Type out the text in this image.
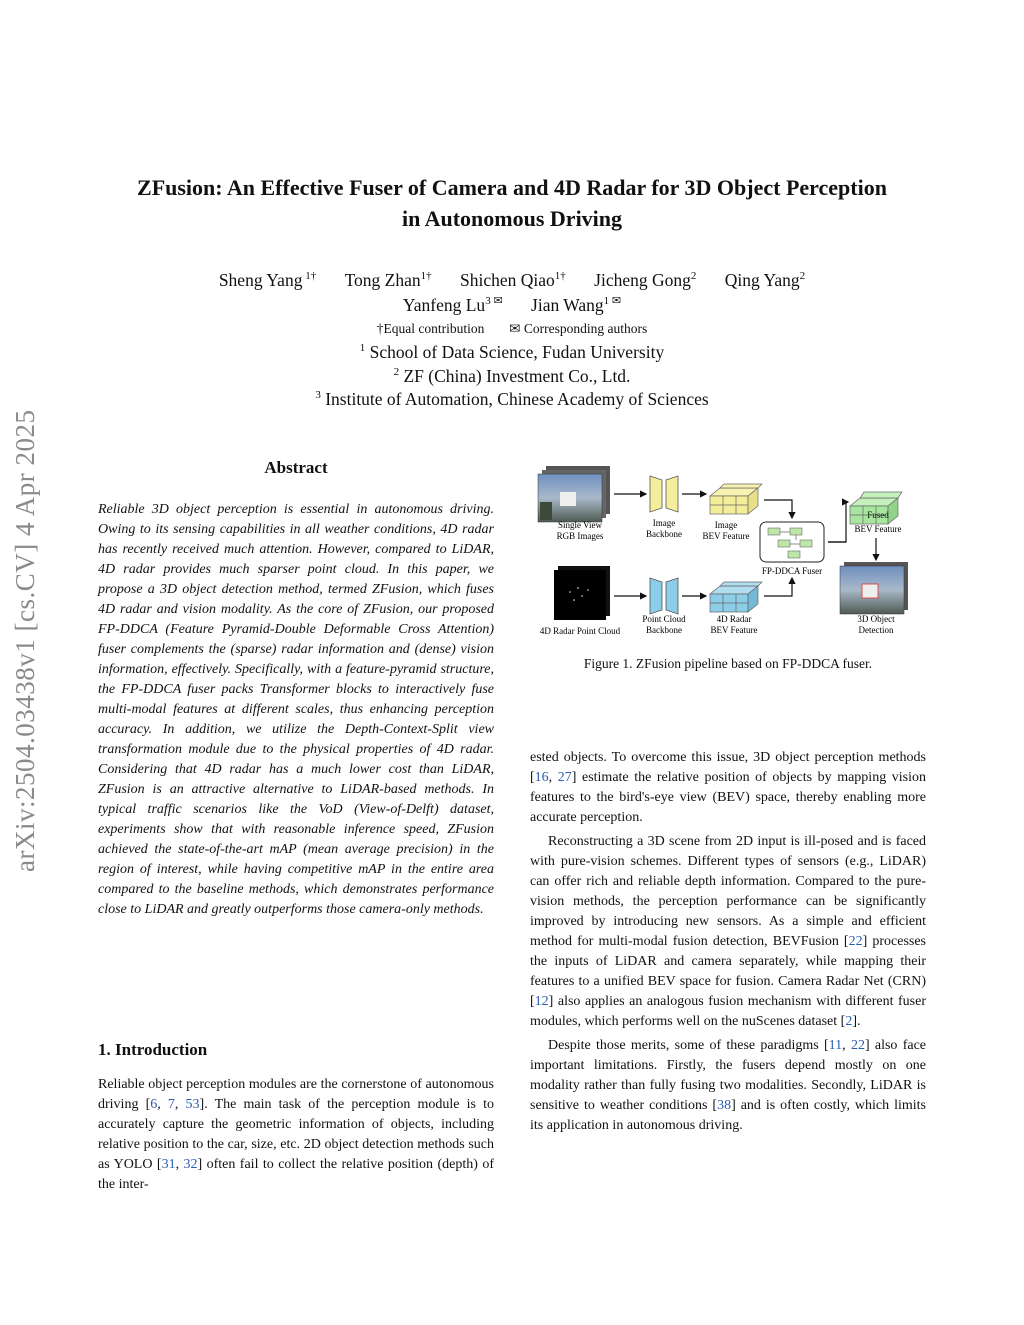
arXiv:2504.03438v1 [cs.CV] 4 Apr 2025
ZFusion: An Effective Fuser of Camera and 4D Radar for 3D Object Perception
in Autonomous Driving
Sheng Yang $^{1\dagger}$ Tong Zhan$^{1\dagger}$ Shichen Qiao$^{1\dagger}$ Jicheng Gong$^2$ Qing Yang$^2$
Yanfeng $Lu^{3 ✉}$ Jian Wang$^{1 ✉}$
†Equal contribution ✉ Corresponding authors
$^1$ School of Data Science, Fudan University
$^2$ ZF (China) Investment Co., Ltd.
$^3$ Institute of Automation, Chinese Academy of Sciences
Abstract
Reliable 3D object perception is essential in autonomous driving. Owing to its sensing capabilities in all weather conditions, 4D radar has recently received much attention. However, compared to LiDAR, 4D radar provides much sparser point cloud. In this paper, we propose a 3D object detection method, termed ZFusion, which fuses 4D radar and vision modality. As the core of ZFusion, our proposed FP-DDCA (Feature Pyramid-Double Deformable Cross Attention) fuser complements the (sparse) radar information and (dense) vision information, effectively. Specifically, with a feature-pyramid structure, the FP-DDCA fuser packs Transformer blocks to interactively fuse multi-modal features at different scales, thus enhancing perception accuracy. In addition, we utilize the Depth-Context-Split view transformation module due to the physical properties of 4D radar. Considering that 4D radar has a much lower cost than LiDAR, ZFusion is an attractive alternative to LiDAR-based methods. In typical traffic scenarios like the VoD (View-of-Delft) dataset, experiments show that with reasonable inference speed, ZFusion achieved the state-of-the-art mAP (mean average precision) in the region of interest, while having competitive mAP in the entire area compared to the baseline methods, which demonstrates performance close to LiDAR and greatly outperforms those camera-only methods.
1. Introduction

Reliable object perception modules are the cornerstone of autonomous driving [6, 7, 53]. The main task of the perception module is to accurately capture the geometric information of objects, including relative position to the car, size, etc. 2D object detection methods such as YOLO [31, 32] often fail to collect the relative position (depth) of the inter-

Single View
RGB Images
Image
Backbone
Image
BEV Feature
FP-DDCA Fuser
Fused
BEV Feature
3D Object
Detection
4D Radar Point Cloud
Point Cloud
Backbone
4D Radar
BEV Feature
Figure 1. ZFusion pipeline based on FP-DDCA fuser.

ested objects. To overcome this issue, 3D object perception methods [16, 27] estimate the relative position of objects by mapping vision features to the bird's-eye view (BEV) space, thereby enabling more accurate perception.

Reconstructing a 3D scene from 2D input is ill-posed and is faced with pure-vision schemes. Different types of sensors (e.g., LiDAR) can offer rich and reliable depth information. Compared to the pure-vision methods, the perception performance can be significantly improved by introducing new sensors. As a simple and efficient method for multi-modal fusion detection, BEVFusion [22] processes the inputs of LiDAR and camera separately, while mapping their features to a unified BEV space for fusion. Camera Radar Net (CRN) [12] also applies an analogous fusion mechanism with different fuser modules, which performs well on the nuScenes dataset [2].

Despite those merits, some of these paradigms [11, 22] also face important limitations. Firstly, the fusers depend mostly on one modality rather than fully fusing two modalities. Secondly, LiDAR is sensitive to weather conditions [38] and is often costly, which limits its application in autonomous driving.
